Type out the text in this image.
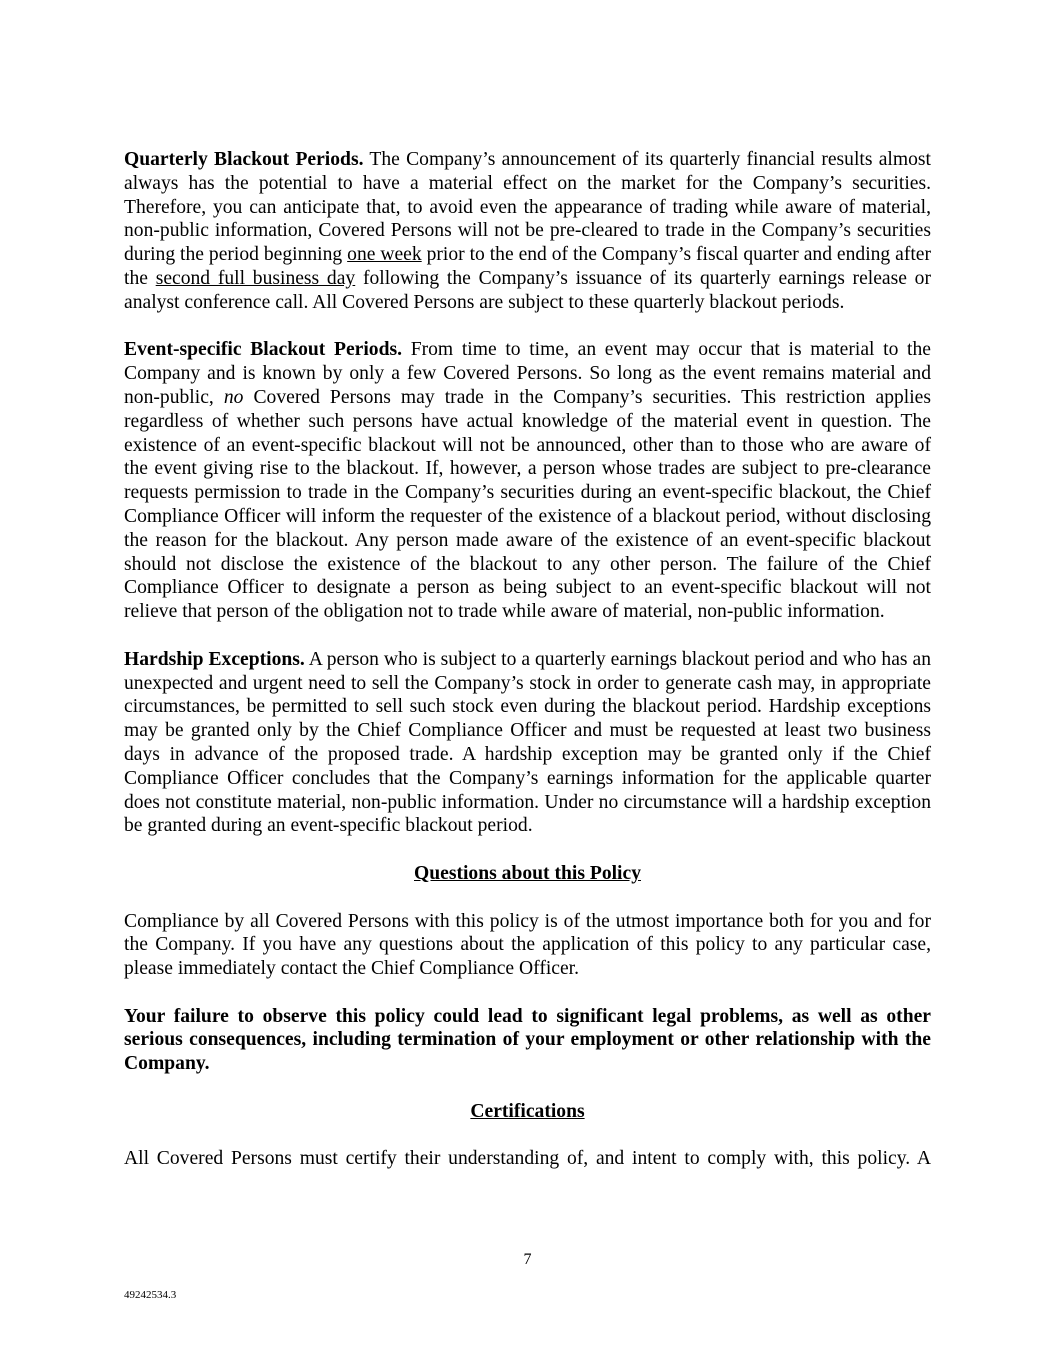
Quarterly Blackout Periods. The Company’s announcement of its quarterly financial results almost always has the potential to have a material effect on the market for the Company’s securities. Therefore, you can anticipate that, to avoid even the appearance of trading while aware of material, non-public information, Covered Persons will not be pre-cleared to trade in the Company’s securities during the period beginning one week prior to the end of the Company’s fiscal quarter and ending after the second full business day following the Company’s issuance of its quarterly earnings release or analyst conference call. All Covered Persons are subject to these quarterly blackout periods.

Event-specific Blackout Periods. From time to time, an event may occur that is material to the Company and is known by only a few Covered Persons. So long as the event remains material and non-public, no Covered Persons may trade in the Company’s securities. This restriction applies regardless of whether such persons have actual knowledge of the material event in question. The existence of an event-specific blackout will not be announced, other than to those who are aware of the event giving rise to the blackout. If, however, a person whose trades are subject to pre-clearance requests permission to trade in the Company’s securities during an event-specific blackout, the Chief Compliance Officer will inform the requester of the existence of a blackout period, without disclosing the reason for the blackout. Any person made aware of the existence of an event-specific blackout should not disclose the existence of the blackout to any other person. The failure of the Chief Compliance Officer to designate a person as being subject to an event-specific blackout will not relieve that person of the obligation not to trade while aware of material, non-public information.

Hardship Exceptions. A person who is subject to a quarterly earnings blackout period and who has an unexpected and urgent need to sell the Company’s stock in order to generate cash may, in appropriate circumstances, be permitted to sell such stock even during the blackout period. Hardship exceptions may be granted only by the Chief Compliance Officer and must be requested at least two business days in advance of the proposed trade. A hardship exception may be granted only if the Chief Compliance Officer concludes that the Company’s earnings information for the applicable quarter does not constitute material, non-public information. Under no circumstance will a hardship exception be granted during an event-specific blackout period.

Questions about this Policy

Compliance by all Covered Persons with this policy is of the utmost importance both for you and for the Company. If you have any questions about the application of this policy to any particular case, please immediately contact the Chief Compliance Officer.

Your failure to observe this policy could lead to significant legal problems, as well as other serious consequences, including termination of your employment or other relationship with the Company.

Certifications

All Covered Persons must certify their understanding of, and intent to comply with, this policy. A

7
49242534.3
